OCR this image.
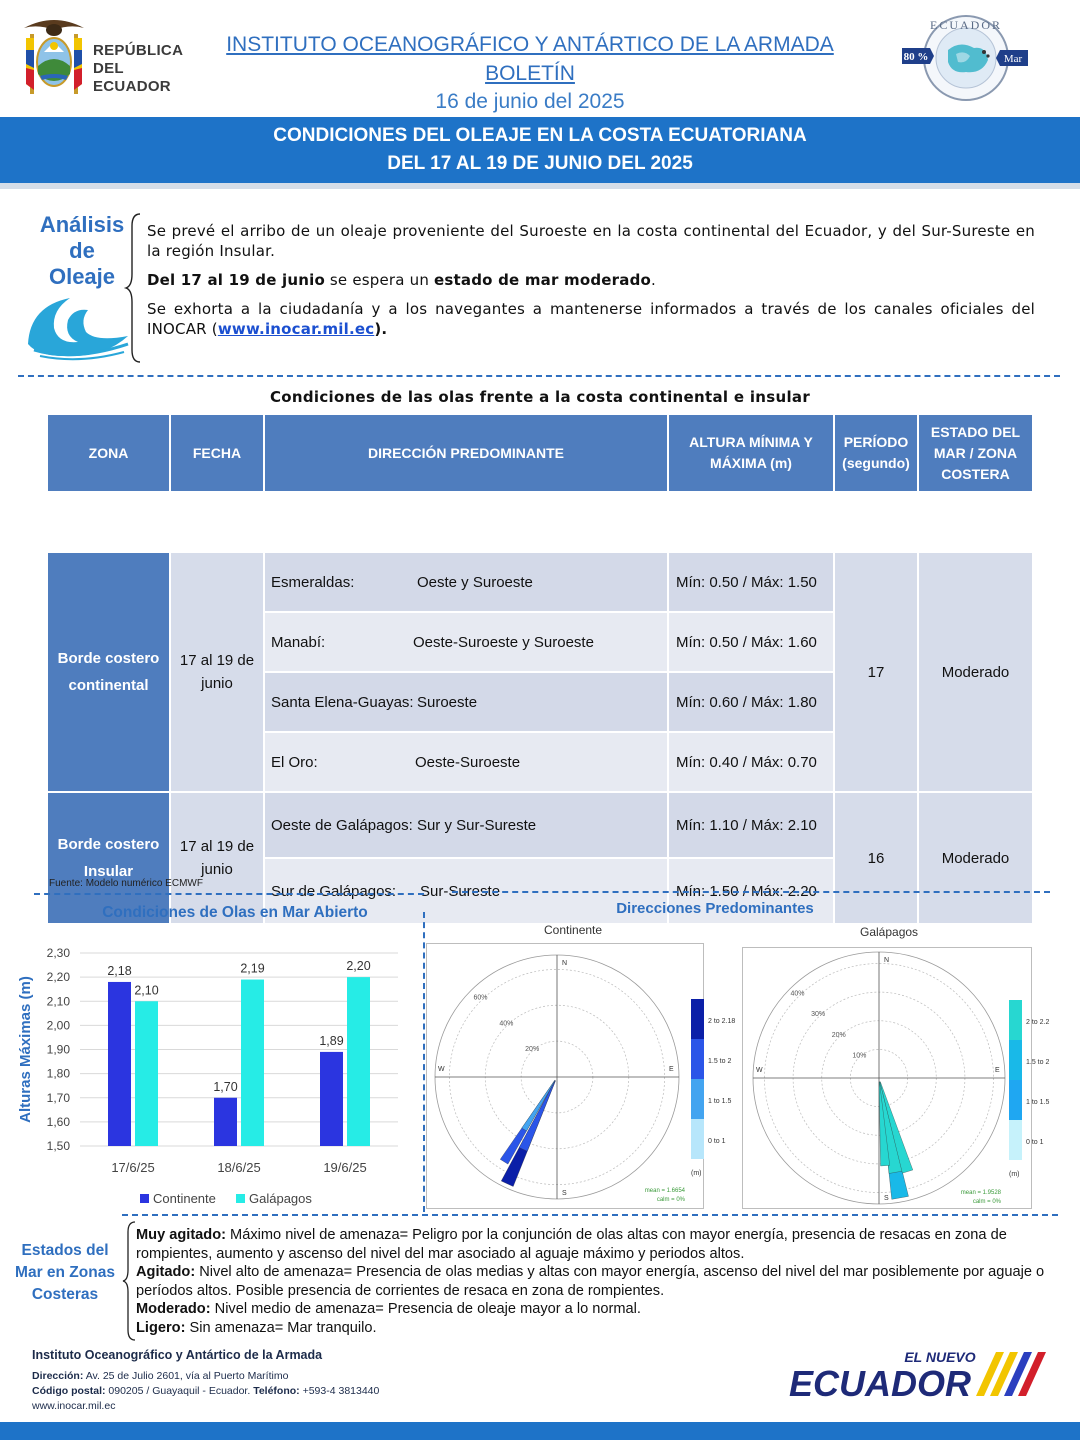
REPÚBLICA
DEL ECUADOR
INSTITUTO OCEANOGRÁFICO Y ANTÁRTICO DE LA ARMADA
BOLETÍN
16 de junio del 2025
ECUADOR
80 %	Mar
CONDICIONES DEL OLEAJE EN LA COSTA ECUATORIANA
DEL 17 AL 19 DE JUNIO DEL 2025
Análisis
de
Oleaje

Se prevé el arribo de un oleaje proveniente del Suroeste en la costa continental del Ecuador, y del Sur-Sureste en la región Insular.

Del 17 al 19 de junio se espera un estado de mar moderado.

Se exhorta a la ciudadanía y a los navegantes a mantenerse informados a través de los canales oficiales del INOCAR (www.inocar.mil.ec).

Condiciones de las olas frente a la costa continental e insular
ZONA	FECHA	DIRECCIÓN PREDOMINANTE	ALTURA MÍNIMA Y MÁXIMA (m)	PERÍODO (segundo)	ESTADO DEL MAR / ZONA COSTERA

Borde costero continental	17 al 19 de junio	Esmeraldas: Oeste y Suroeste	Mín: 0.50 / Máx: 1.50	17	Moderado
		Manabí: Oeste-Suroeste y Suroeste	Mín: 0.50 / Máx: 1.60		
		Santa Elena-Guayas: Suroeste	Mín: 0.60 / Máx: 1.80		
		El Oro: Oeste-Suroeste	Mín: 0.40 / Máx: 0.70		
Borde costero Insular	17 al 19 de junio	Oeste de Galápagos: Sur y Sur-Sureste	Mín: 1.10 / Máx: 2.10	16	Moderado
		Sur de Galápagos: Sur-Sureste	Mín: 1.50 / Máx: 2.20		
Fuente: Modelo numérico ECMWF
Condiciones de Olas en Mar Abierto
1,50
1,60
1,70
1,80
1,90
2,00
2,10
2,20
2,30
Alturas Máximas (m)
2,18
2,10
17/6/25
1,70
2,19
18/6/25
1,89
2,20
19/6/25
Continente	Galápagos
Direcciones Predominantes
Continente	Galápagos
20%
40%
60%
N
E
S
W
2 to 2.18
1.5 to 2
1 to 1.5
0 to 1
(m)
mean = 1.6654
calm = 0%
10%
20%
30%
40%
N
E
S
W
2 to 2.2
1.5 to 2
1 to 1.5
0 to 1
(m)
mean = 1.9528
calm = 0%
Estados del
Mar en Zonas
Costeras
Muy agitado: Máximo nivel de amenaza= Peligro por la conjunción de olas altas con mayor energía, presencia de resacas en zona de rompientes, aumento y ascenso del nivel del mar asociado al aguaje máximo y periodos altos.
Agitado: Nivel alto de amenaza= Presencia de olas medias y altas con mayor energía, ascenso del nivel del mar posiblemente por aguaje o períodos altos. Posible presencia de corrientes de resaca en zona de rompientes.
Moderado: Nivel medio de amenaza= Presencia de oleaje mayor a lo normal.
Ligero: Sin amenaza= Mar tranquilo.
Instituto Oceanográfico y Antártico de la Armada
Dirección: Av. 25 de Julio 2601, vía al Puerto Marítimo
Código postal: 090205 / Guayaquil - Ecuador. Teléfono: +593-4 3813440
www.inocar.mil.ec
EL NUEVO
ECUADOR
